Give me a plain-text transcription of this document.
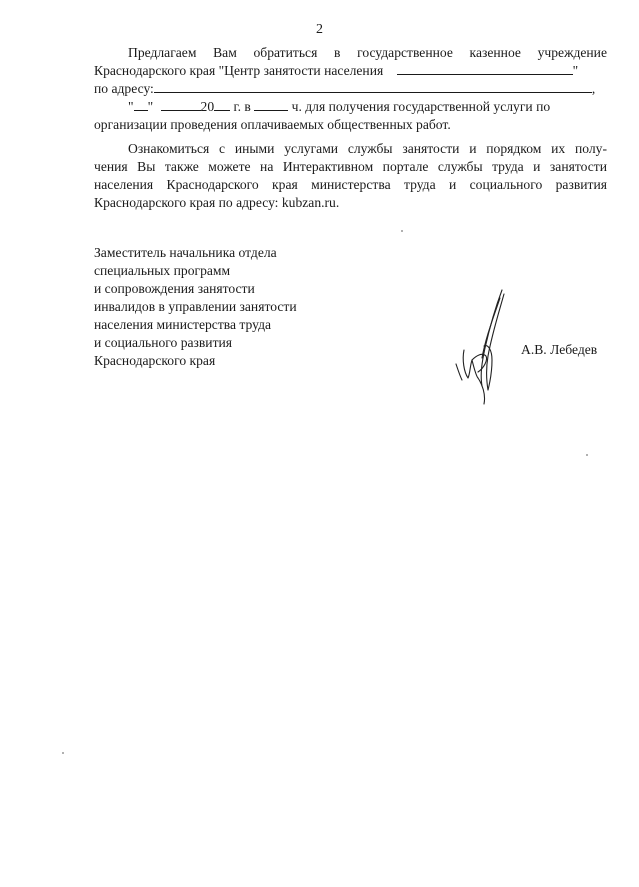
2
Предлагаем Вам обратиться в государственное казенное учреждение
Краснодарского края "Центр занятости населения	"
по адресу:	,
" "	20 г. в	ч. для получения государственной услуги по
организации проведения оплачиваемых общественных работ.
Ознакомиться с иными услугами службы занятости и порядком их полу-
чения Вы также можете на Интерактивном портале службы труда и занятости
населения Краснодарского края министерства труда и социального развития
Краснодарского края по адресу: kubzan.ru.
Заместитель начальника отдела
специальных программ
и сопровождения занятости
инвалидов в управлении занятости
населения министерства труда
и социального развития
Краснодарского края
А.В. Лебедев
